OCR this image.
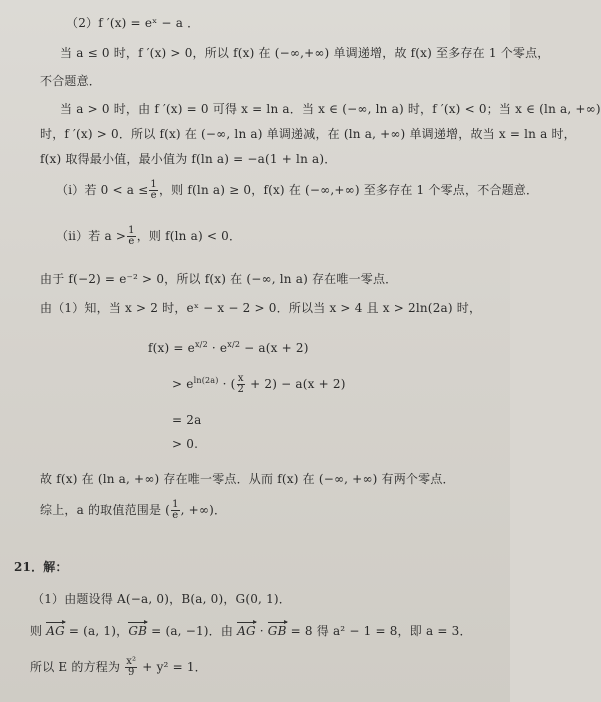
（2）f ′(x) = eˣ − a ．
当 a ≤ 0 时，f ′(x) > 0，所以 f(x) 在 (−∞,+∞) 单调递增，故 f(x) 至多存在 1 个零点，
不合题意．
当 a > 0 时，由 f ′(x) = 0 可得 x = ln a．当 x ∈ (−∞, ln a) 时，f ′(x) < 0；当 x ∈ (ln a, +∞)
时，f ′(x) > 0．所以 f(x) 在 (−∞, ln a) 单调递减，在 (ln a, +∞) 单调递增，故当 x = ln a 时，
f(x) 取得最小值，最小值为 f(ln a) = −a(1 + ln a)．
（ⅰ）若 $0 < a \le \frac{1}{e}$ ，则 f(ln a) ≥ 0，f(x) 在 (−∞,+∞) 至多存在 1 个零点，不合题意．
（ⅱ）若 $a > \frac{1}{e}$ ，则 f(ln a) < 0．
由于 f(−2) = e⁻² > 0，所以 f(x) 在 (−∞, ln a) 存在唯一零点．
由（1）知，当 x > 2 时，eˣ − x − 2 > 0．所以当 x > 4 且 x > 2ln(2a) 时，
$f(x) = e^{x/2} \cdot e^{x/2} - a(x + 2)$
> $e^{ln(2a)}$ · ( $\frac{x}{2} + 2) - a(x + 2)$
= 2a
> 0.
故 f(x) 在 (ln a, +∞) 存在唯一零点．从而 f(x) 在 (−∞, +∞) 有两个零点．
综上，a 的取值范围是 ( $\frac{1}{e}$ , +∞)．
21．解：
（1）由题设得 A(−a, 0)，B(a, 0)，G(0, 1)．
则 AG = (a, 1)，GB = (a, −1)．由 AG · GB = 8 得 a² − 1 = 8，即 a = 3．
所以 E 的方程为 $\frac{\text{x²}}{9} + y^2 = 1$．
